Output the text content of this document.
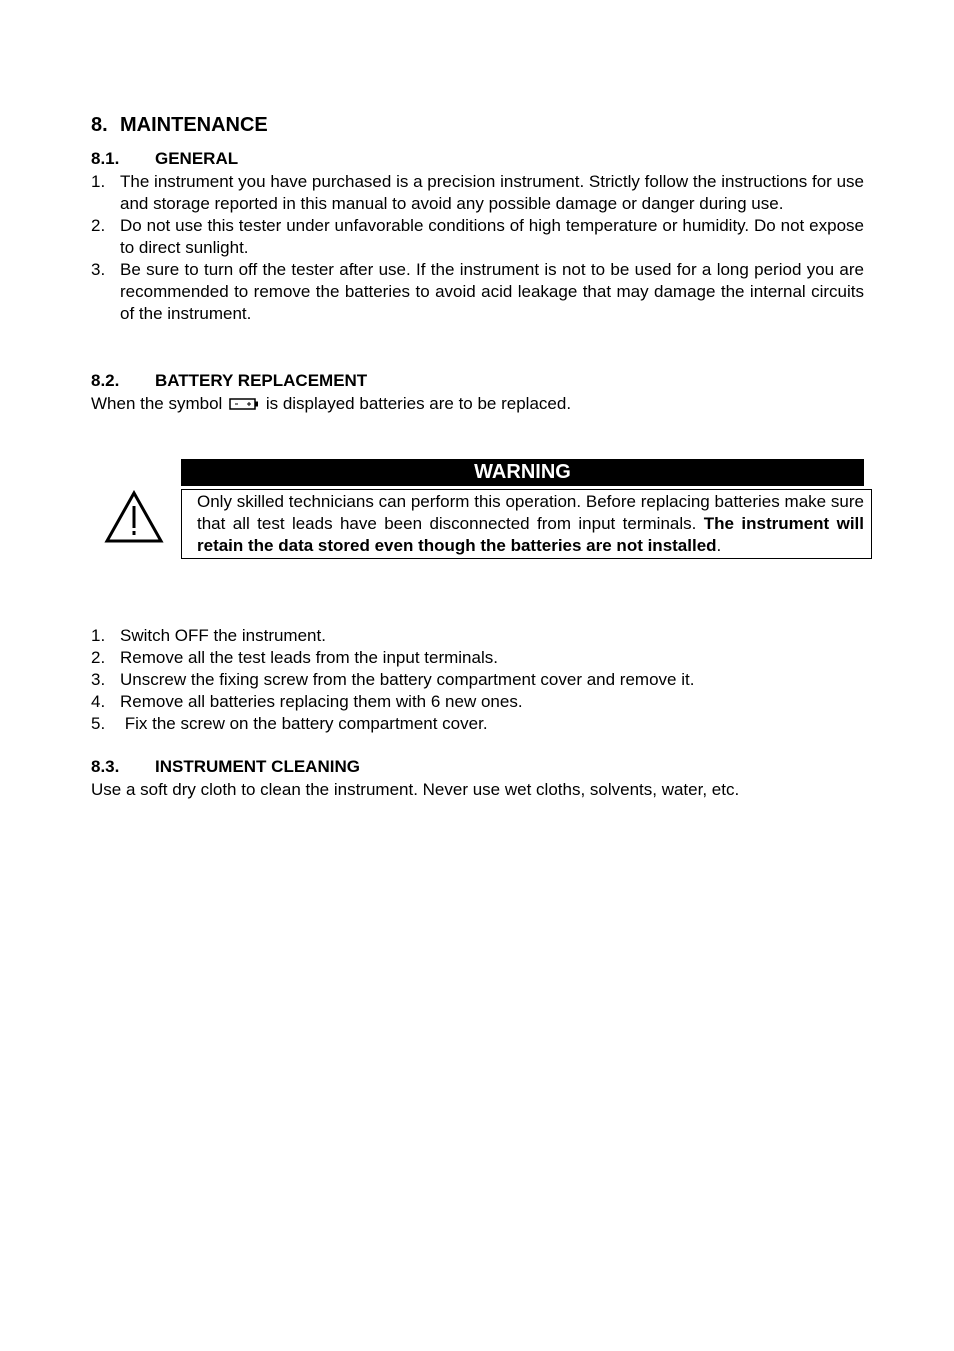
8. MAINTENANCE
8.1. GENERAL
1. The instrument you have purchased is a precision instrument. Strictly follow the instructions for use and storage reported in this manual to avoid any possible damage or danger during use.
2. Do not use this tester under unfavorable conditions of high temperature or humidity. Do not expose to direct sunlight.
3. Be sure to turn off the tester after use. If the instrument is not to be used for a long period you are recommended to remove the batteries to avoid acid leakage that may damage the internal circuits of the instrument.
8.2. BATTERY REPLACEMENT
When the symbol	is displayed batteries are to be replaced.
WARNING
Only skilled technicians can perform this operation. Before replacing batteries make sure that all test leads have been disconnected from input terminals. The instrument will retain the data stored even though the batteries are not installed.
1. Switch OFF the instrument.
2. Remove all the test leads from the input terminals.
3. Unscrew the fixing screw from the battery compartment cover and remove it.
4. Remove all batteries replacing them with 6 new ones.
5. Fix the screw on the battery compartment cover.
8.3. INSTRUMENT CLEANING
Use a soft dry cloth to clean the instrument. Never use wet cloths, solvents, water, etc.
